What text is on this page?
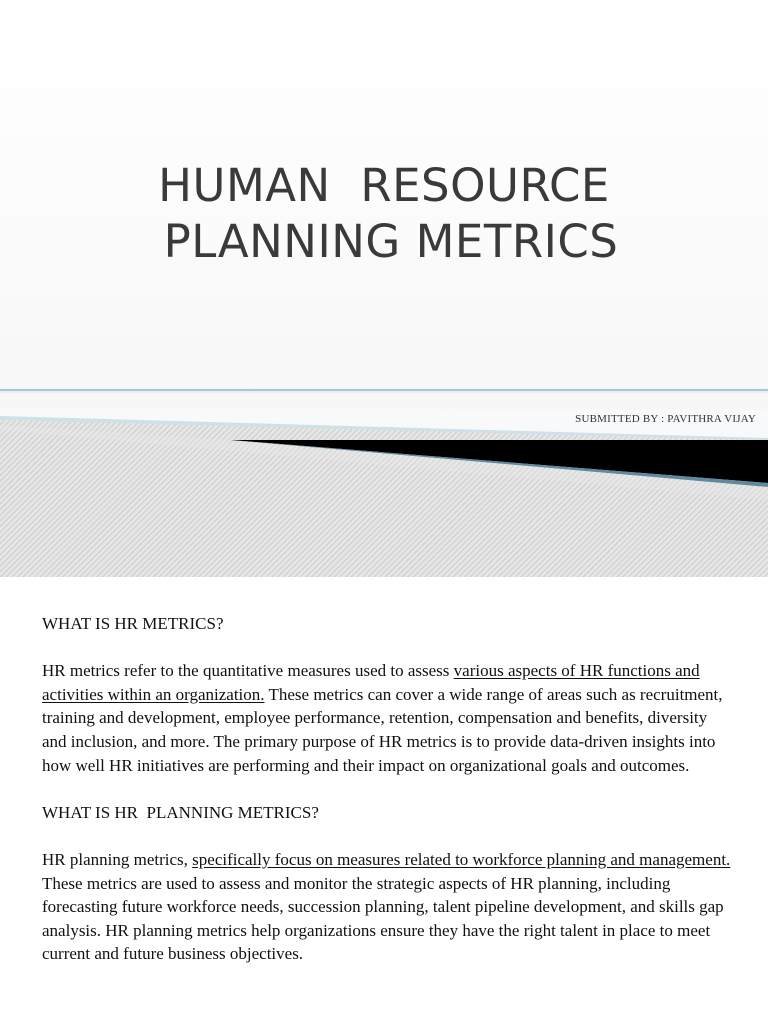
HUMAN  RESOURCE
PLANNING METRICS
SUBMITTED BY : PAVITHRA VIJAY

WHAT IS HR METRICS?

HR metrics refer to the quantitative measures used to assess various aspects of HR functions and activities within an organization. These metrics can cover a wide range of areas such as recruitment, training and development, employee performance, retention, compensation and benefits, diversity and inclusion, and more. The primary purpose of HR metrics is to provide data-driven insights into how well HR initiatives are performing and their impact on organizational goals and outcomes.

WHAT IS HR  PLANNING METRICS?

HR planning metrics, specifically focus on measures related to workforce planning and management. These metrics are used to assess and monitor the strategic aspects of HR planning, including forecasting future workforce needs, succession planning, talent pipeline development, and skills gap analysis. HR planning metrics help organizations ensure they have the right talent in place to meet current and future business objectives.
